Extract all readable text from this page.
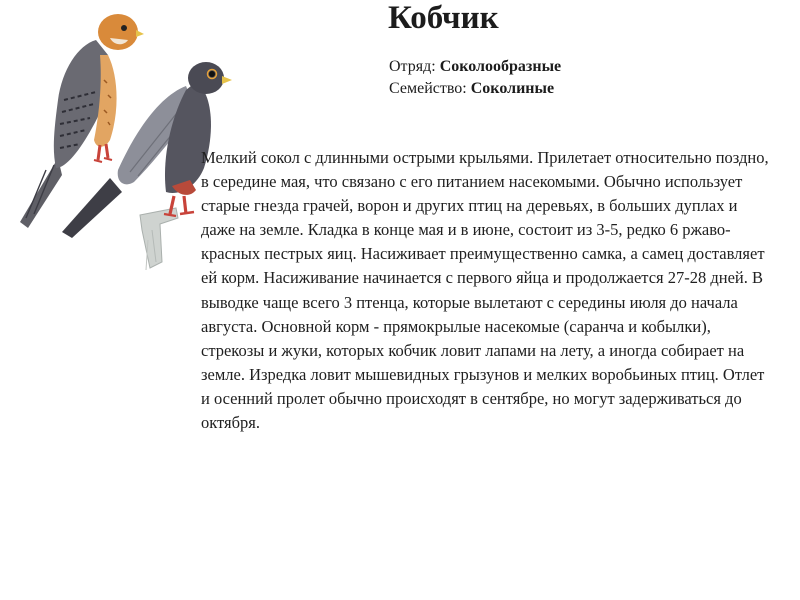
Кобчик
Отряд: Соколообразные
Семейство: Соколиные

Мелкий сокол с длинными острыми крыльями. Прилетает относительно поздно, в середине мая, что связано с его питанием насекомыми. Обычно использует старые гнезда грачей, ворон и других птиц на деревьях, в больших дуплах и даже на земле. Кладка в конце мая и в июне, состоит из 3-5, редко 6 ржаво-красных пестрых яиц. Насиживает преимущественно самка, а самец доставляет ей корм. Насиживание начинается с первого яйца и продолжается 27-28 дней. В выводке чаще всего 3 птенца, которые вылетают с середины июля до начала августа. Основной корм - прямокрылые насекомые (саранча и кобылки), стрекозы и жуки, которых кобчик ловит лапами на лету, а иногда собирает на земле. Изредка ловит мышевидных грызунов и мелких воробьиных птиц. Отлет и осенний пролет обычно происходят в сентябре, но могут задерживаться до октября.
